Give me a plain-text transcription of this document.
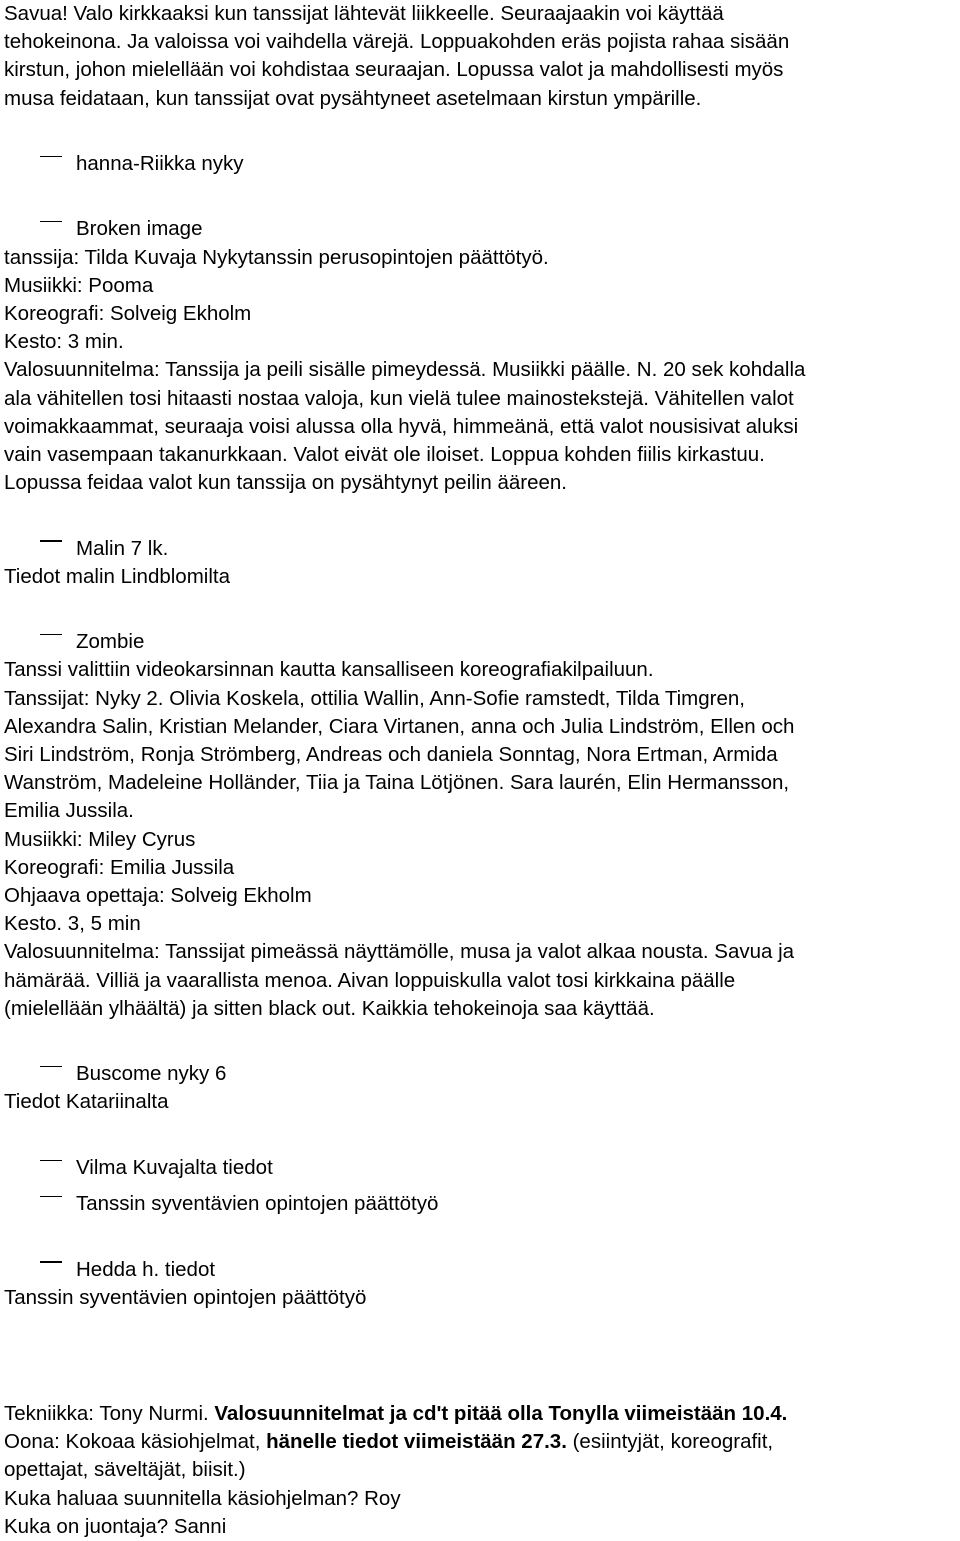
Savua! Valo kirkkaaksi kun tanssijat lähtevät liikkeelle. Seuraajaakin voi käyttää

tehokeinona. Ja valoissa voi vaihdella värejä. Loppuakohden eräs pojista rahaa sisään

kirstun, johon mielellään voi kohdistaa seuraajan. Lopussa valot ja mahdollisesti myös

musa feidataan, kun tanssijat ovat pysähtyneet asetelmaan kirstun ympärille.

hanna-Riikka nyky

Broken image

tanssija: Tilda Kuvaja Nykytanssin perusopintojen päättötyö.

Musiikki: Pooma

Koreografi: Solveig Ekholm

Kesto: 3 min.

Valosuunnitelma: Tanssija ja peili sisälle pimeydessä. Musiikki päälle. N. 20 sek kohdalla

ala vähitellen tosi hitaasti nostaa valoja, kun vielä tulee mainostekstejä. Vähitellen valot

voimakkaammat, seuraaja voisi alussa olla hyvä, himmeänä, että valot nousisivat aluksi

vain vasempaan takanurkkaan. Valot eivät ole iloiset. Loppua kohden fiilis kirkastuu.

Lopussa feidaa valot kun tanssija on pysähtynyt peilin ääreen.

Malin 7 lk.

Tiedot malin Lindblomilta

Zombie

Tanssi valittiin videokarsinnan kautta kansalliseen koreografiakilpailuun.

Tanssijat: Nyky 2. Olivia Koskela, ottilia Wallin, Ann-Sofie ramstedt, Tilda Timgren,

Alexandra Salin, Kristian Melander, Ciara Virtanen, anna och Julia Lindström, Ellen och

Siri Lindström, Ronja Strömberg, Andreas och daniela Sonntag, Nora Ertman, Armida

Wanström, Madeleine Holländer, Tiia ja Taina Lötjönen. Sara laurén, Elin Hermansson,

Emilia Jussila.

Musiikki: Miley Cyrus

Koreografi: Emilia Jussila

Ohjaava opettaja: Solveig Ekholm

Kesto. 3, 5 min

Valosuunnitelma: Tanssijat pimeässä näyttämölle, musa ja valot alkaa nousta. Savua ja

hämärää. Villiä ja vaarallista menoa. Aivan loppuiskulla valot tosi kirkkaina päälle

(mielellään ylhäältä) ja sitten black out. Kaikkia tehokeinoja saa käyttää.

Buscome nyky 6

Tiedot Katariinalta

Vilma Kuvajalta tiedot

Tanssin syventävien opintojen päättötyö

Hedda h. tiedot

Tanssin syventävien opintojen päättötyö

Tekniikka: Tony Nurmi. Valosuunnitelmat ja cd't pitää olla Tonylla viimeistään 10.4.

Oona: Kokoaa käsiohjelmat, hänelle tiedot viimeistään 27.3. (esiintyjät, koreografit,

opettajat, säveltäjät, biisit.)

Kuka haluaa suunnitella käsiohjelman? Roy

Kuka on juontaja? Sanni
